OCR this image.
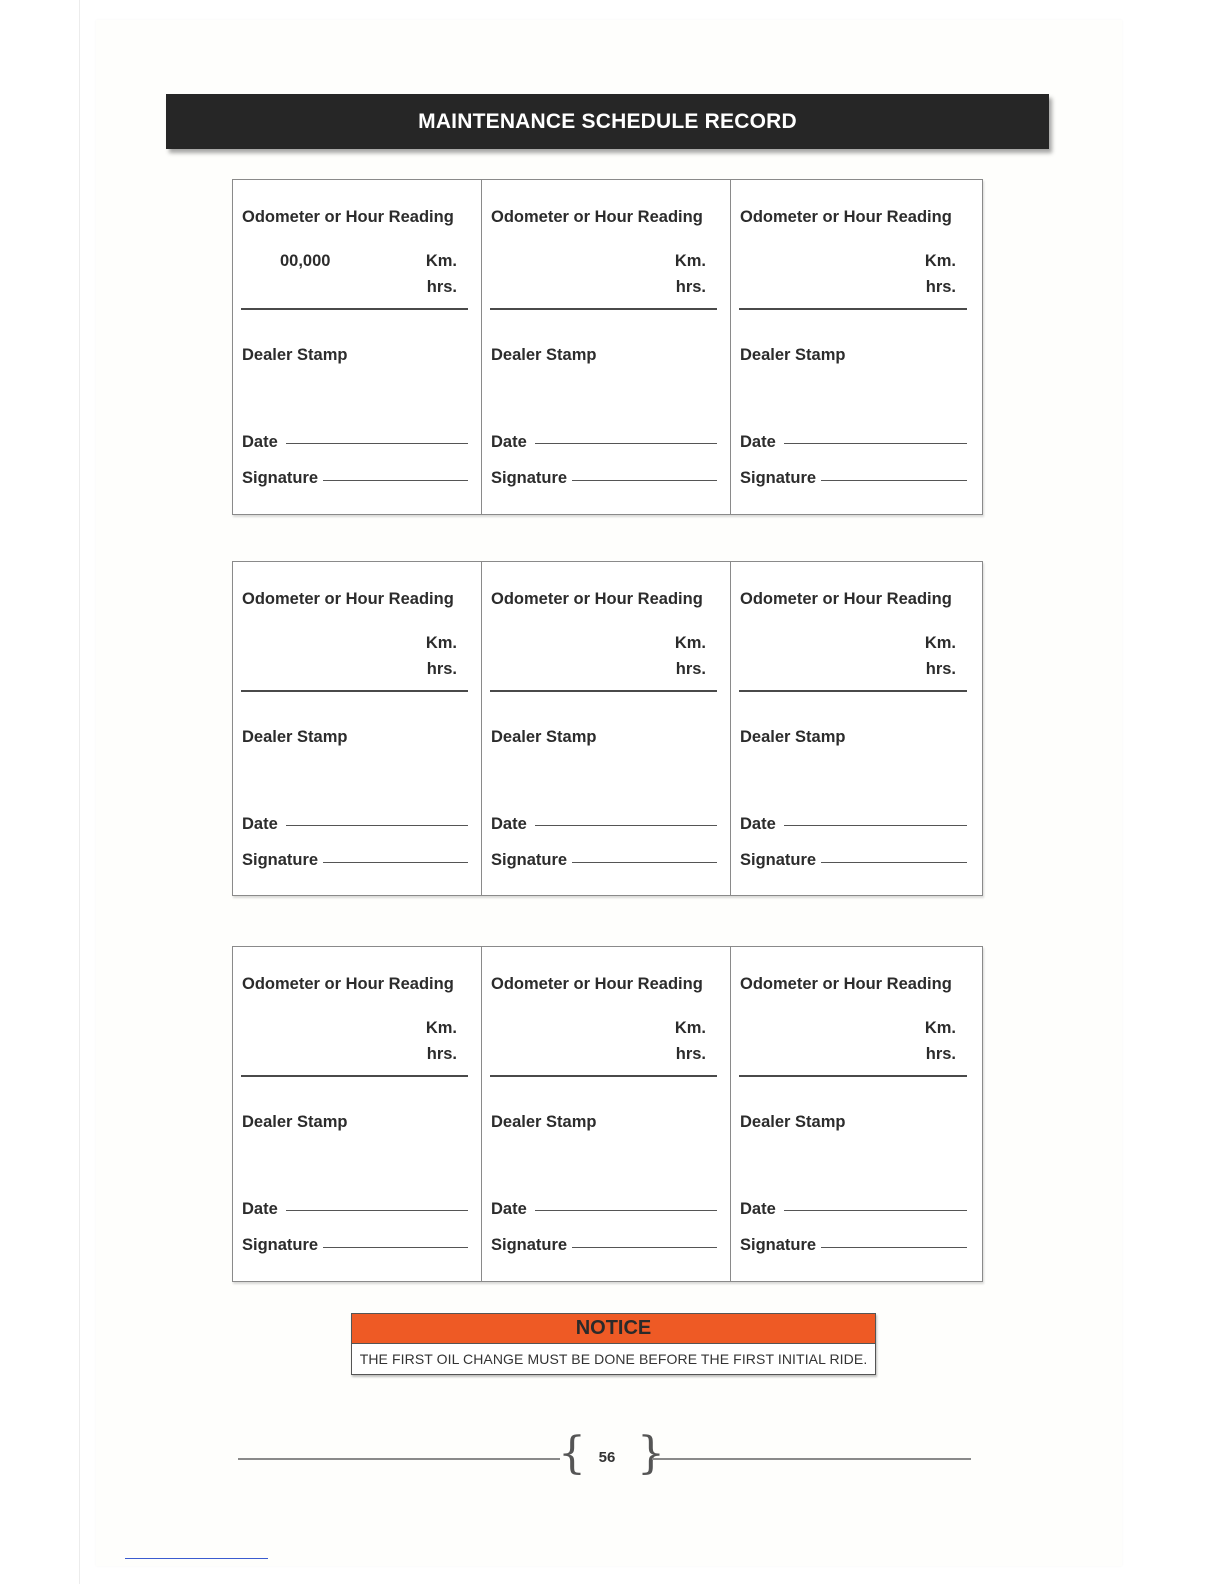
MAINTENANCE SCHEDULE RECORD
Odometer or Hour Reading
00,000	Km.
hrs.
Dealer Stamp
Date
Signature
Odometer or Hour Reading
Km.
hrs.
Dealer Stamp
Date
Signature
Odometer or Hour Reading
Km.
hrs.
Dealer Stamp
Date
Signature
Odometer or Hour Reading
Km.
hrs.
Dealer Stamp
Date
Signature
Odometer or Hour Reading
Km.
hrs.
Dealer Stamp
Date
Signature
Odometer or Hour Reading
Km.
hrs.
Dealer Stamp
Date
Signature
Odometer or Hour Reading
Km.
hrs.
Dealer Stamp
Date
Signature
Odometer or Hour Reading
Km.
hrs.
Dealer Stamp
Date
Signature
Odometer or Hour Reading
Km.
hrs.
Dealer Stamp
Date
Signature
NOTICE
THE FIRST OIL CHANGE MUST BE DONE BEFORE THE FIRST INITIAL RIDE.
{ 56 }
